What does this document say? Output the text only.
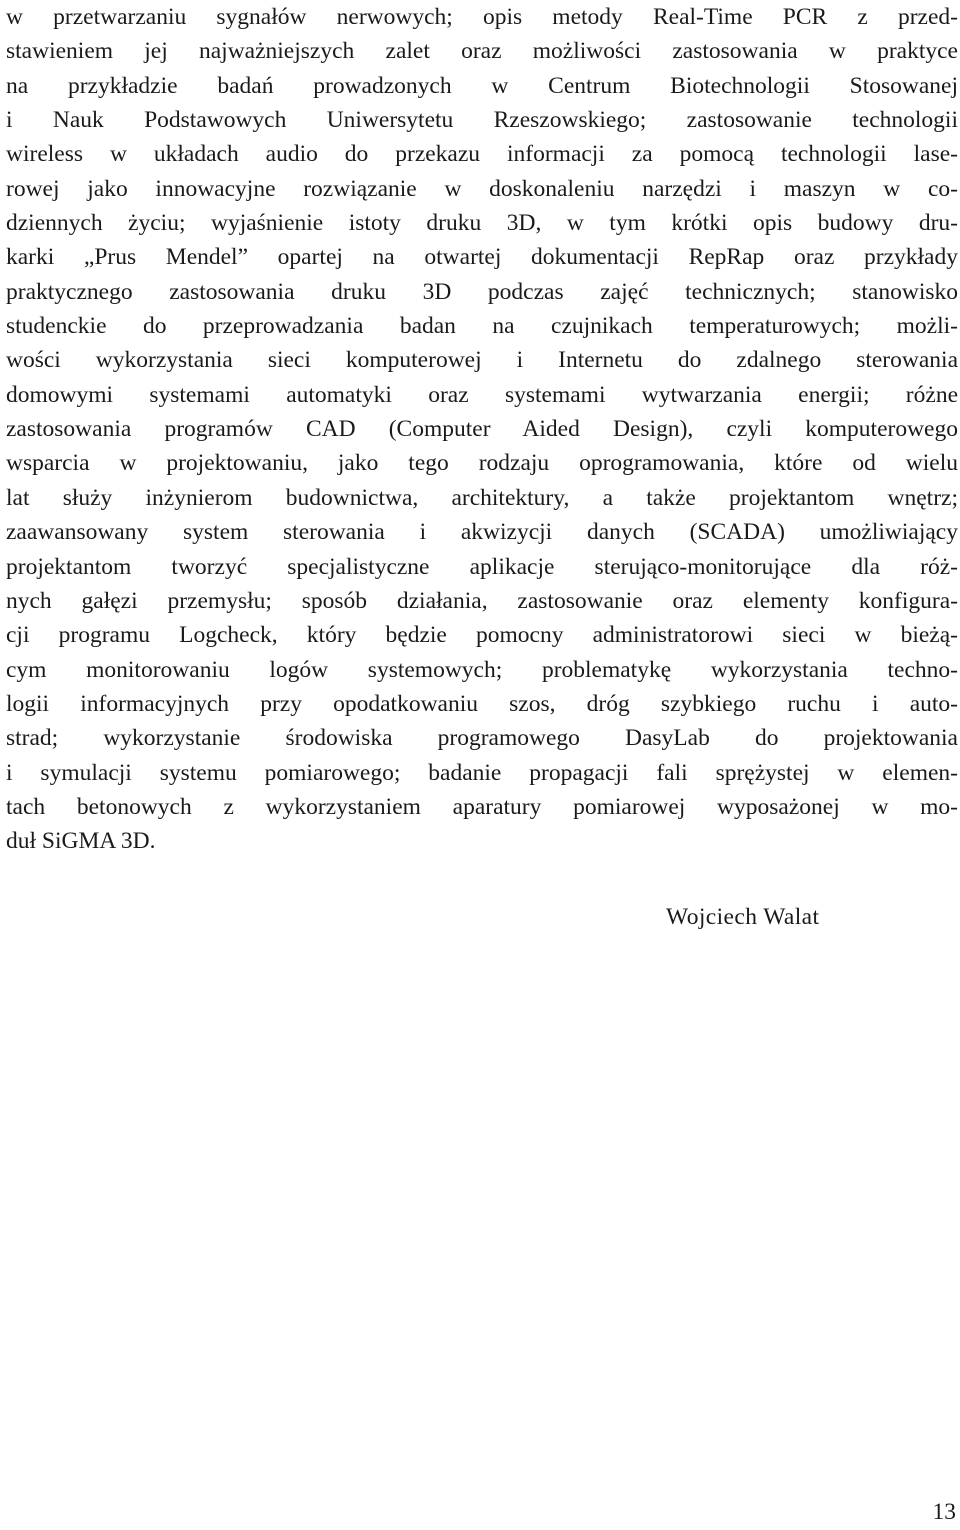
w przetwarzaniu sygnałów nerwowych; opis metody Real-Time PCR z przed-
stawieniem jej najważniejszych zalet oraz możliwości zastosowania w praktyce
na przykładzie badań prowadzonych w Centrum Biotechnologii Stosowanej
i Nauk Podstawowych Uniwersytetu Rzeszowskiego; zastosowanie technologii
wireless w układach audio do przekazu informacji za pomocą technologii lase-
rowej jako innowacyjne rozwiązanie w doskonaleniu narzędzi i maszyn w co-
dziennych życiu; wyjaśnienie istoty druku 3D, w tym krótki opis budowy dru-
karki „Prus Mendel” opartej na otwartej dokumentacji RepRap oraz przykłady
praktycznego zastosowania druku 3D podczas zajęć technicznych; stanowisko
studenckie do przeprowadzania badan na czujnikach temperaturowych; możli-
wości wykorzystania sieci komputerowej i Internetu do zdalnego sterowania
domowymi systemami automatyki oraz systemami wytwarzania energii; różne
zastosowania programów CAD (Computer Aided Design), czyli komputerowego
wsparcia w projektowaniu, jako tego rodzaju oprogramowania, które od wielu
lat służy inżynierom budownictwa, architektury, a także projektantom wnętrz;
zaawansowany system sterowania i akwizycji danych (SCADA) umożliwiający
projektantom tworzyć specjalistyczne aplikacje sterująco-monitorujące dla róż-
nych gałęzi przemysłu; sposób działania, zastosowanie oraz elementy konfigura-
cji programu Logcheck, który będzie pomocny administratorowi sieci w bieżą-
cym monitorowaniu logów systemowych; problematykę wykorzystania techno-
logii informacyjnych przy opodatkowaniu szos, dróg szybkiego ruchu i auto-
strad; wykorzystanie środowiska programowego DasyLab do projektowania
i symulacji systemu pomiarowego; badanie propagacji fali sprężystej w elemen-
tach betonowych z wykorzystaniem aparatury pomiarowej wyposażonej w mo-
duł SiGMA 3D.

Wojciech Walat
13
